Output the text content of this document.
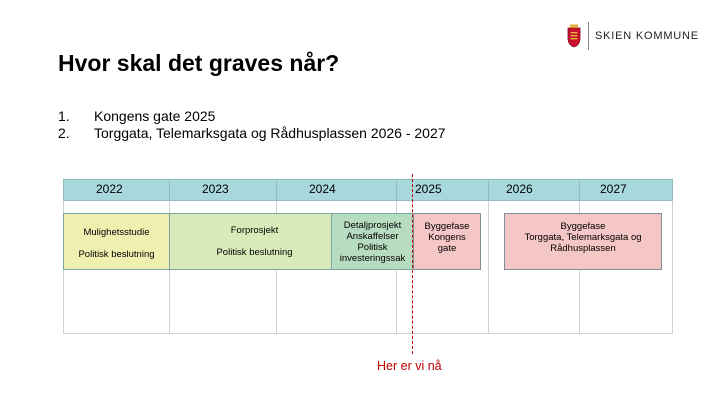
SKIEN KOMMUNE
Hvor skal det graves når?
1.	Kongens gate 2025
2.	Torggata, Telemarksgata og Rådhusplassen 2026 - 2027
2022	2023	2024	2025	2026	2027
Mulighetsstudie
Politisk beslutning
Forprosjekt
Politisk beslutning
Detaljprosjekt
Anskaffelser
Politisk
investeringssak
Byggefase
Kongens
gate
Byggefase
Torggata, Telemarksgata og
Rådhusplassen
Her er vi nå
